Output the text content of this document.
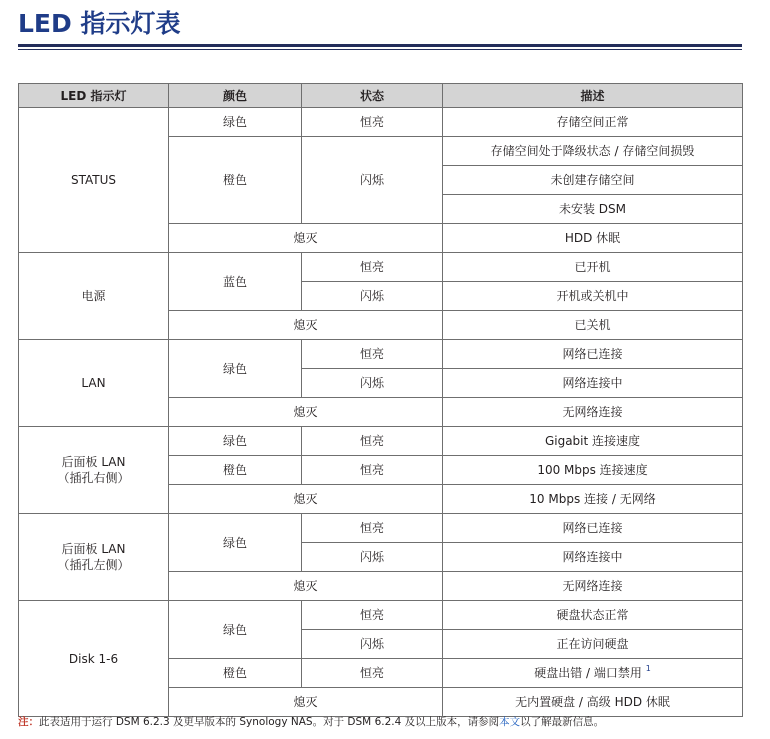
LED 指示灯表
LED 指示灯	颜色	状态	描述
STATUS	绿色	恒亮	存储空间正常
	橙色	闪烁	存储空间处于降级状态 / 存储空间损毁
			未创建存储空间
			未安装 DSM
	熄灭		HDD 休眠
电源	蓝色	恒亮	已开机
		闪烁	开机或关机中
	熄灭		已关机
LAN	绿色	恒亮	网络已连接
		闪烁	网络连接中
	熄灭		无网络连接

后面板 LAN
（插孔右侧）	绿色	恒亮	Gigabit 连接速度
	橙色	恒亮	100 Mbps 连接速度
	熄灭		10 Mbps 连接 / 无网络

后面板 LAN
（插孔左侧）	绿色	恒亮	网络已连接
		闪烁	网络连接中
	熄灭		无网络连接
Disk 1-6	绿色	恒亮	硬盘状态正常
		闪烁	正在访问硬盘
	橙色	恒亮	硬盘出错 / 端口禁用 $^1$
	熄灭		无内置硬盘 / 高级 HDD 休眠
注：此表适用于运行 DSM 6.2.3 及更早版本的 Synology NAS。对于 DSM 6.2.4 及以上版本，请参阅本文以了解最新信息。
